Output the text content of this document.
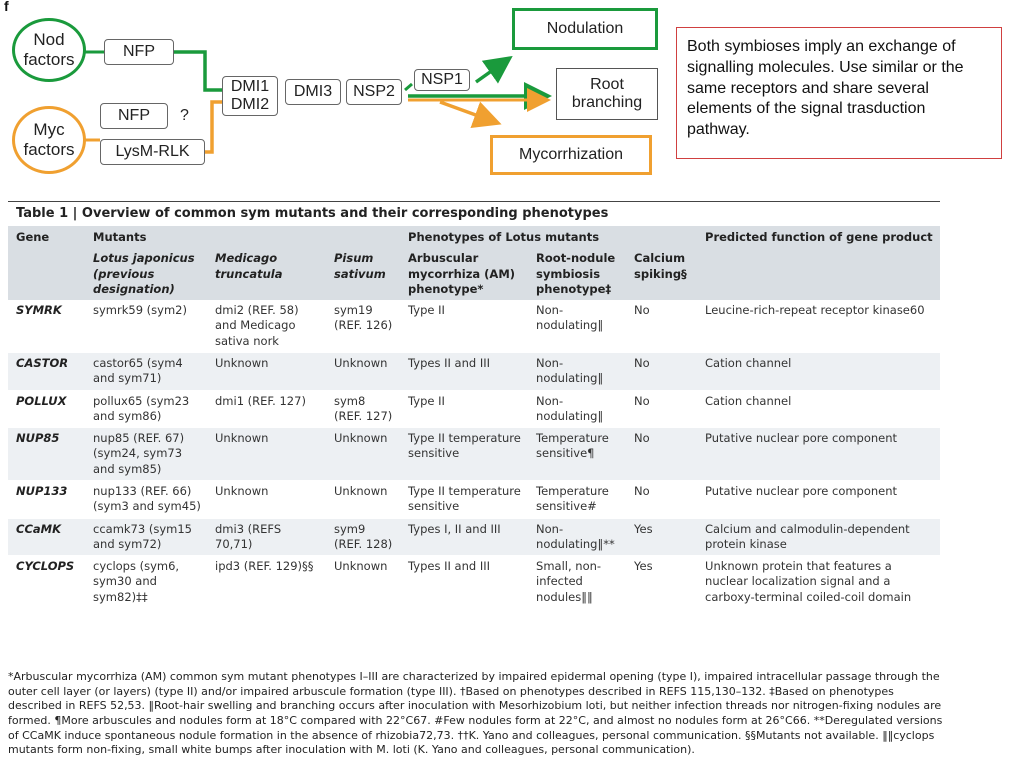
f
Nod
factors
Myc
factors
NFP
NFP	?
LysM-RLK
DMI1
DMI2
DMI3	NSP2
NSP1
Nodulation
Root
branching
Mycorrhization
Both symbioses imply an exchange of signalling molecules. Use similar or the same receptors and share several elements of the signal trasduction pathway.
Table 1 | Overview of common sym mutants and their corresponding phenotypes
Gene	Mutants			Phenotypes of Lotus mutants			Predicted function of gene product
	Lotus japonicus (previous designation)	Medicago truncatula	Pisum sativum	Arbuscular mycorrhiza (AM) phenotype*	Root-nodule symbiosis phenotype‡	Calcium spiking§	
SYMRK	symrk59 (sym2)	dmi2 (REF. 58) and Medicago sativa nork	sym19 (REF. 126)	Type II	Non-nodulating‖	No	Leucine-rich-repeat receptor kinase60
CASTOR	castor65 (sym4 and sym71)	Unknown	Unknown	Types II and III	Non-nodulating‖	No	Cation channel
POLLUX	pollux65 (sym23 and sym86)	dmi1 (REF. 127)	sym8 (REF. 127)	Type II	Non-nodulating‖	No	Cation channel
NUP85	nup85 (REF. 67) (sym24, sym73 and sym85)	Unknown	Unknown	Type II temperature sensitive	Temperature sensitive¶	No	Putative nuclear pore component
NUP133	nup133 (REF. 66) (sym3 and sym45)	Unknown	Unknown	Type II temperature sensitive	Temperature sensitive#	No	Putative nuclear pore component
CCaMK	ccamk73 (sym15 and sym72)	dmi3 (REFS 70,71)	sym9 (REF. 128)	Types I, II and III	Non-nodulating‖**	Yes	Calcium and calmodulin-dependent protein kinase
CYCLOPS	cyclops (sym6, sym30 and sym82)‡‡	ipd3 (REF. 129)§§	Unknown	Types II and III	Small, non-infected nodules‖‖	Yes	Unknown protein that features a nuclear localization signal and a carboxy-terminal coiled-coil domain
*Arbuscular mycorrhiza (AM) common sym mutant phenotypes I–III are characterized by impaired epidermal opening (type I), impaired intracellular passage through the outer cell layer (or layers) (type II) and/or impaired arbuscule formation (type III). †Based on phenotypes described in REFS 115,130–132. ‡Based on phenotypes described in REFS 52,53. ‖Root-hair swelling and branching occurs after inoculation with Mesorhizobium loti, but neither infection threads nor nitrogen-fixing nodules are formed. ¶More arbuscules and nodules form at 18°C compared with 22°C67. #Few nodules form at 22°C, and almost no nodules form at 26°C66. **Deregulated versions of CCaMK induce spontaneous nodule formation in the absence of rhizobia72,73. ††K. Yano and colleagues, personal communication. §§Mutants not available. ‖‖cyclops mutants form non-fixing, small white bumps after inoculation with M. loti (K. Yano and colleagues, personal communication).
